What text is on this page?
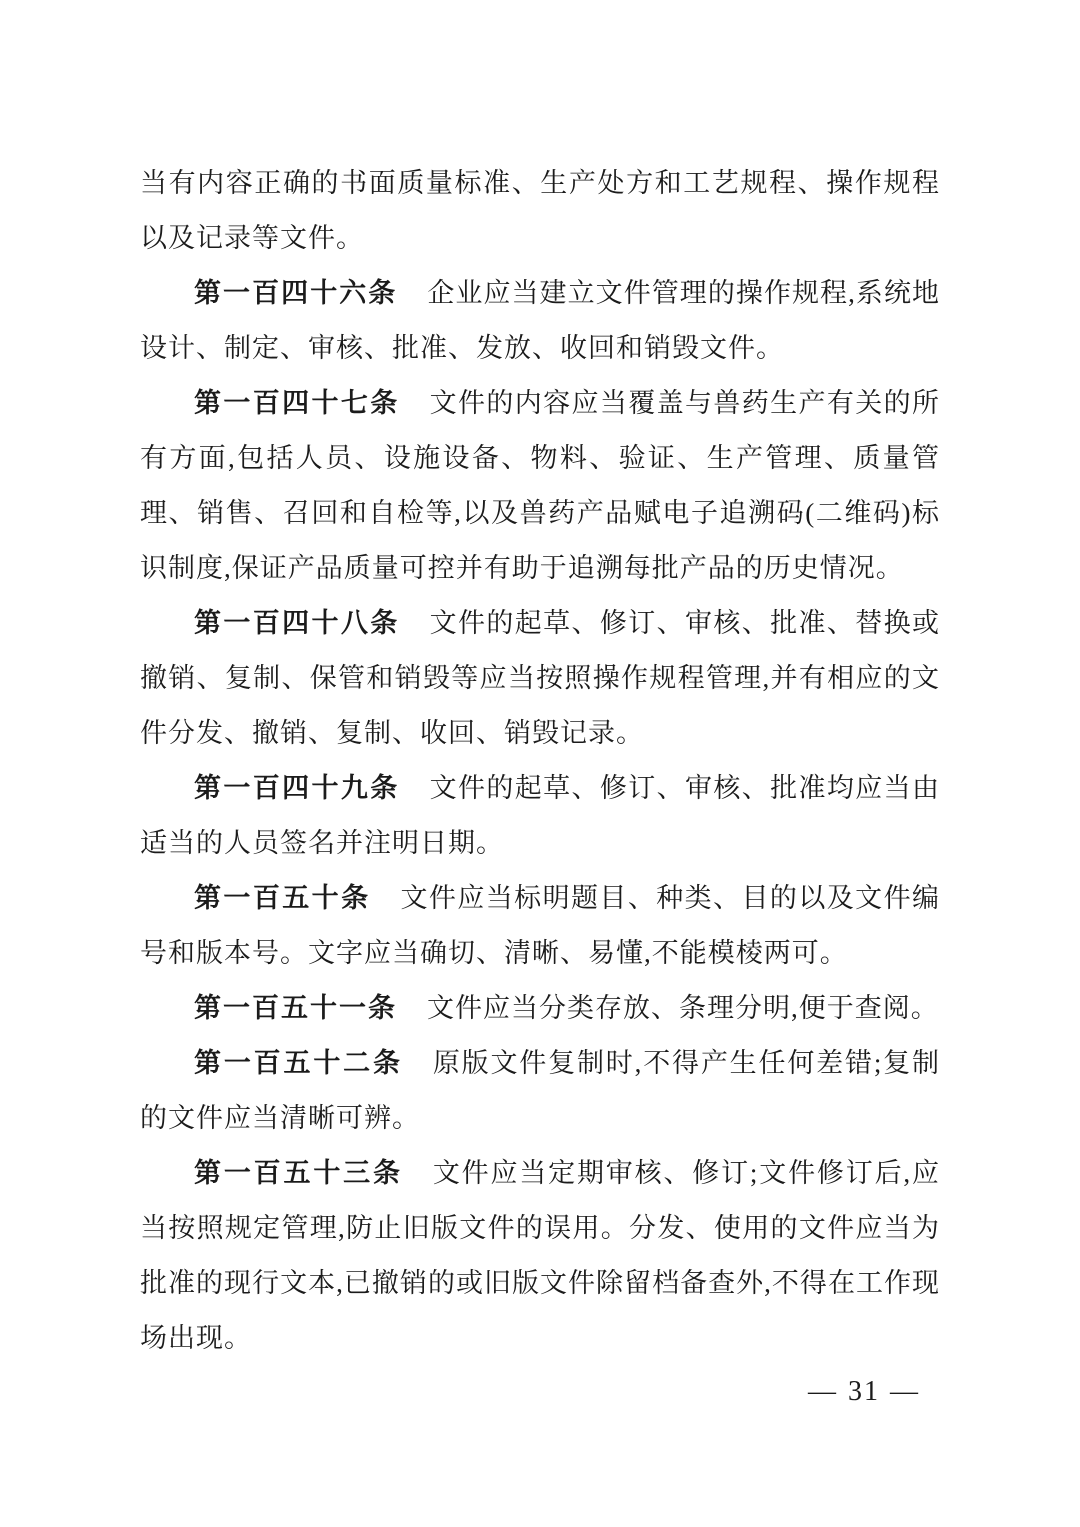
当有内容正确的书面质量标准、生产处方和工艺规程、操作规程以及记录等文件。

第一百四十六条 企业应当建立文件管理的操作规程,系统地设计、制定、审核、批准、发放、收回和销毁文件。

第一百四十七条 文件的内容应当覆盖与兽药生产有关的所有方面,包括人员、设施设备、物料、验证、生产管理、质量管理、销售、召回和自检等,以及兽药产品赋电子追溯码(二维码)标识制度,保证产品质量可控并有助于追溯每批产品的历史情况。

第一百四十八条 文件的起草、修订、审核、批准、替换或撤销、复制、保管和销毁等应当按照操作规程管理,并有相应的文件分发、撤销、复制、收回、销毁记录。

第一百四十九条 文件的起草、修订、审核、批准均应当由适当的人员签名并注明日期。

第一百五十条 文件应当标明题目、种类、目的以及文件编号和版本号。文字应当确切、清晰、易懂,不能模棱两可。

第一百五十一条 文件应当分类存放、条理分明,便于查阅。

第一百五十二条 原版文件复制时,不得产生任何差错;复制的文件应当清晰可辨。

第一百五十三条 文件应当定期审核、修订;文件修订后,应当按照规定管理,防止旧版文件的误用。分发、使用的文件应当为批准的现行文本,已撤销的或旧版文件除留档备查外,不得在工作现场出现。

— 31 —
